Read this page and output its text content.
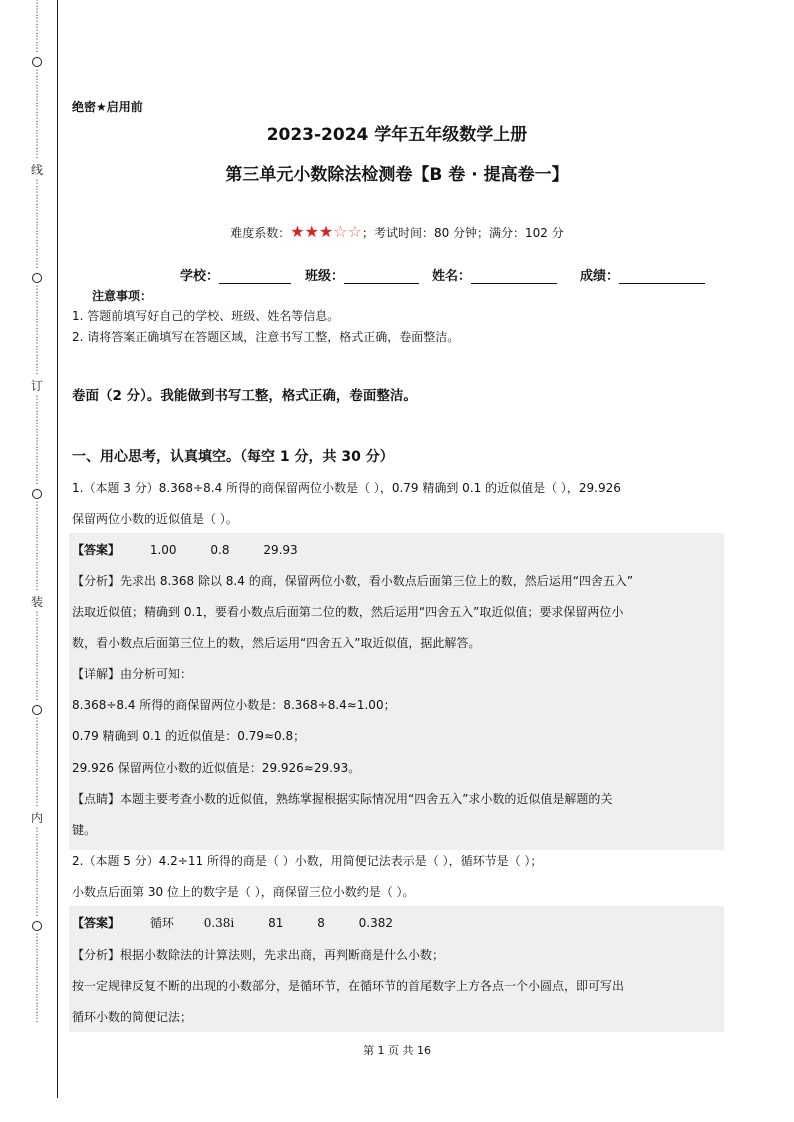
⋮
⋮
⋮
⋮
⋮
⋮
⋮
⋮
⋮
⋮
⋮
⋮
⋮
⋮
⋮
⋮
线
⋮
⋮
⋮
⋮
⋮
⋮
⋮
⋮
⋮
⋮
⋮
⋮
⋮
⋮
⋮
⋮
⋮
⋮
⋮
⋮
订
⋮
⋮
⋮
⋮
⋮
⋮
⋮
⋮
⋮
⋮
⋮
⋮
⋮
⋮
⋮
⋮
⋮
⋮
⋮
⋮
装
⋮
⋮
⋮
⋮
⋮
⋮
⋮
⋮
⋮
⋮
⋮
⋮
⋮
⋮
⋮
⋮
⋮
⋮
⋮
⋮
内
⋮
⋮
⋮
⋮
⋮
⋮
⋮
⋮
⋮
⋮
⋮
⋮
⋮
⋮
⋮
⋮
⋮
⋮
⋮
⋮
绝密★启用前
2023-2024 学年五年级数学上册
第三单元小数除法检测卷【B 卷 · 提高卷一】
难度系数：★★★☆☆；考试时间：80 分钟；满分：102 分
学校：	班级：	姓名：	成绩：
注意事项：
1. 答题前填写好自己的学校、班级、姓名等信息。
2. 请将答案正确填写在答题区域，注意书写工整，格式正确，卷面整洁。
卷面（2 分）。我能做到书写工整，格式正确，卷面整洁。
一、用心思考，认真填空。（每空 1 分，共 30 分）
1.（本题 3 分）8.368÷8.4 所得的商保留两位小数是（ ），0.79 精确到 0.1 的近似值是（ ），29.926
保留两位小数的近似值是（ ）。
【答案】 1.00	0.8	29.93
【分析】先求出 8.368 除以 8.4 的商，保留两位小数，看小数点后面第三位上的数，然后运用“四舍五入”
法取近似值；精确到 0.1，要看小数点后面第二位的数，然后运用“四舍五入”取近似值；要求保留两位小
数，看小数点后面第三位上的数，然后运用“四舍五入”取近似值，据此解答。
【详解】由分析可知：
8.368÷8.4 所得的商保留两位小数是：8.368÷8.4≈1.00；
0.79 精确到 0.1 的近似值是：0.79≈0.8；
29.926 保留两位小数的近似值是：29.926≈29.93。
【点睛】本题主要考查小数的近似值，熟练掌握根据实际情况用“四舍五入”求小数的近似值是解题的关
键。
2.（本题 5 分）4.2÷11 所得的商是（ ）小数，用简便记法表示是（ ），循环节是（ ）；
小数点后面第 30 位上的数字是（ ），商保留三位小数约是（ ）。
【答案】 循环 0.38i	81	8	0.382
【分析】根据小数除法的计算法则，先求出商，再判断商是什么小数；
按一定规律反复不断的出现的小数部分，是循环节，在循环节的首尾数字上方各点一个小圆点，即可写出
循环小数的简便记法；
第 1 页 共 16
